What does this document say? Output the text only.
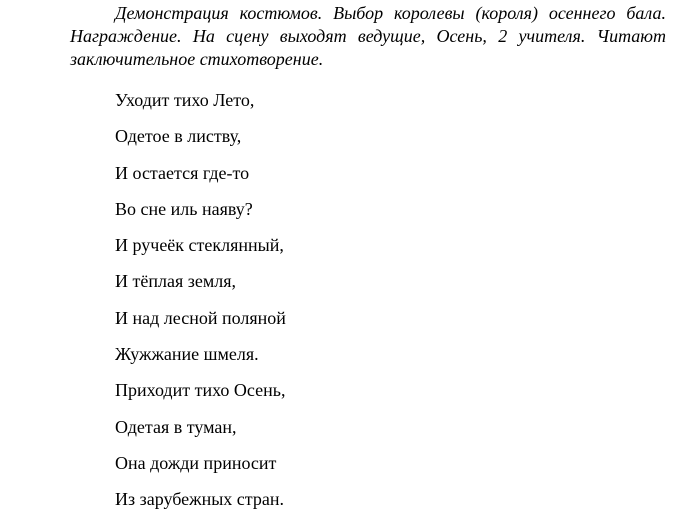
Демонстрация костюмов. Выбор королевы (короля) осеннего бала. Награждение. На сцену выходят ведущие, Осень, 2 учителя. Читают заключительное стихотворение.

Уходит тихо Лето,
Одетое в листву,
И остается где-то
Во сне иль наяву?
И ручеёк стеклянный,
И тёплая земля,
И над лесной поляной
Жужжание шмеля.
Приходит тихо Осень,
Одетая в туман,
Она дожди приносит
Из зарубежных стран.
